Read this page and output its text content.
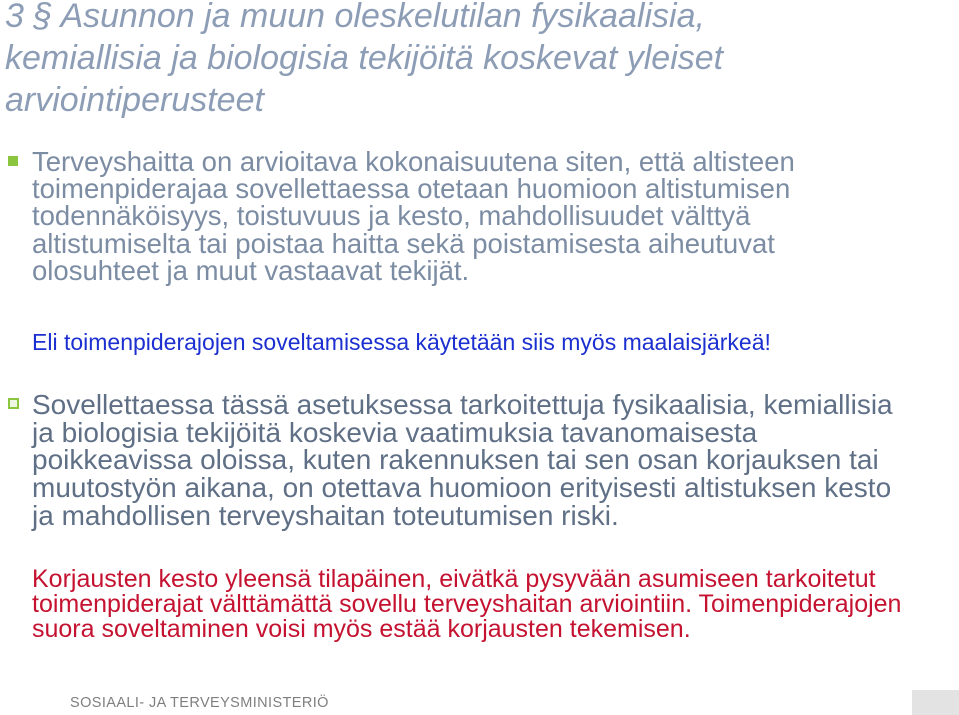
3 § Asunnon ja muun oleskelutilan fysikaalisia,
kemiallisia ja biologisia tekijöitä koskevat yleiset
arviointiperusteet
Terveyshaitta on arvioitava kokonaisuutena siten, että altisteen
toimenpiderajaa sovellettaessa otetaan huomioon altistumisen
todennäköisyys, toistuvuus ja kesto, mahdollisuudet välttyä
altistumiselta tai poistaa haitta sekä poistamisesta aiheutuvat
olosuhteet ja muut vastaavat tekijät.
Eli toimenpiderajojen soveltamisessa käytetään siis myös maalaisjärkeä!
Sovellettaessa tässä asetuksessa tarkoitettuja fysikaalisia, kemiallisia
ja biologisia tekijöitä koskevia vaatimuksia tavanomaisesta
poikkeavissa oloissa, kuten rakennuksen tai sen osan korjauksen tai
muutostyön aikana, on otettava huomioon erityisesti altistuksen kesto
ja mahdollisen terveyshaitan toteutumisen riski.
Korjausten kesto yleensä tilapäinen, eivätkä pysyvään asumiseen tarkoitetut
toimenpiderajat välttämättä sovellu terveyshaitan arviointiin. Toimenpiderajojen
suora soveltaminen voisi myös estää korjausten tekemisen.
SOSIAALI- JA TERVEYSMINISTERIÖ
